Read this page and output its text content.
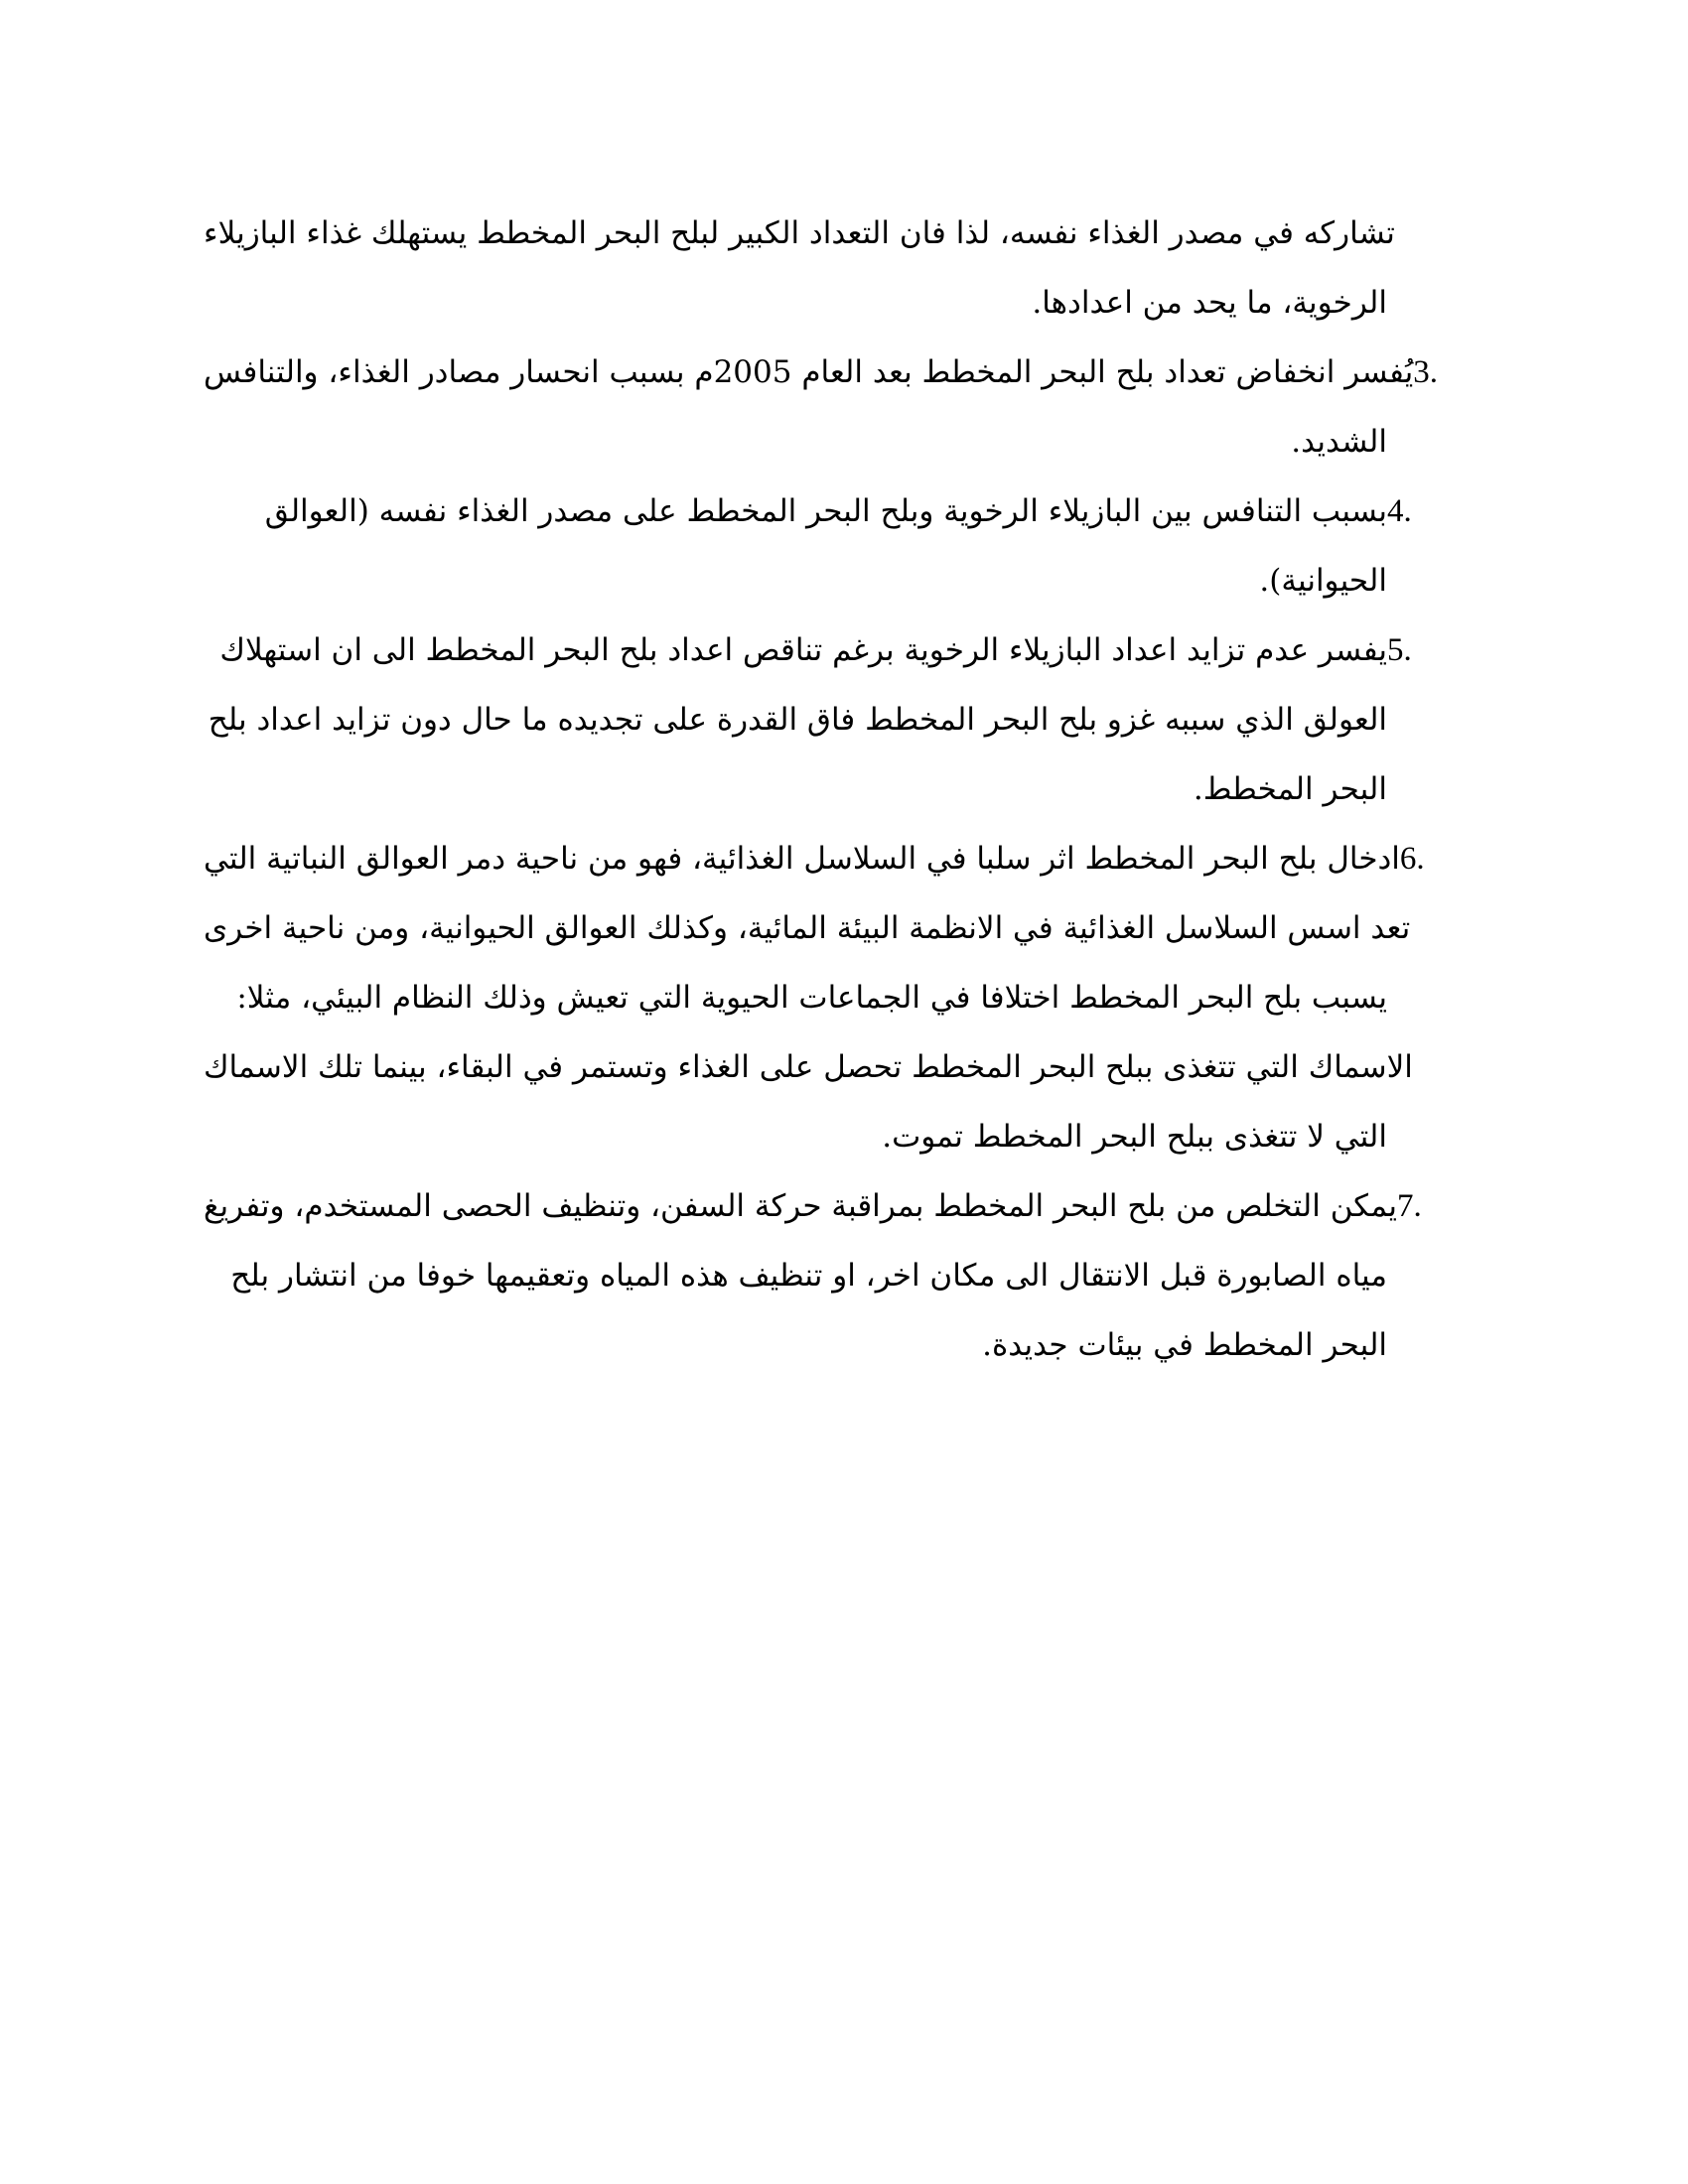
تشاركه في مصدر الغذاء نفسه، لذا فان التعداد الكبير لبلح البحر المخطط يستهلك غذاء البازيلاء
الرخوية، ما يحد من اعدادها.
يُفسر انخفاض تعداد بلح البحر المخطط بعد العام 2005م بسبب انحسار مصادر الغذاء، والتنافس3.
الشديد.
بسبب التنافس بين البازيلاء الرخوية وبلح البحر المخطط على مصدر الغذاء نفسه (العوالق4.
الحيوانية).
يفسر عدم تزايد اعداد البازيلاء الرخوية برغم تناقص اعداد بلح البحر المخطط الى ان استهلاك5.
العولق الذي سببه غزو بلح البحر المخطط فاق القدرة على تجديده ما حال دون تزايد اعداد بلح
البحر المخطط.
ادخال بلح البحر المخطط اثر سلبا في السلاسل الغذائية، فهو من ناحية دمر العوالق النباتية التي6.
تعد اسس السلاسل الغذائية في الانظمة البيئة المائية، وكذلك العوالق الحيوانية، ومن ناحية اخرى
يسبب بلح البحر المخطط اختلافا في الجماعات الحيوية التي تعيش وذلك النظام البيئي، مثلا:
الاسماك التي تتغذى ببلح البحر المخطط تحصل على الغذاء وتستمر في البقاء، بينما تلك الاسماك
التي لا تتغذى ببلح البحر المخطط تموت.
يمكن التخلص من بلح البحر المخطط بمراقبة حركة السفن، وتنظيف الحصى المستخدم، وتفريغ7.
مياه الصابورة قبل الانتقال الى مكان اخر، او تنظيف هذه المياه وتعقيمها خوفا من انتشار بلح
البحر المخطط في بيئات جديدة.
